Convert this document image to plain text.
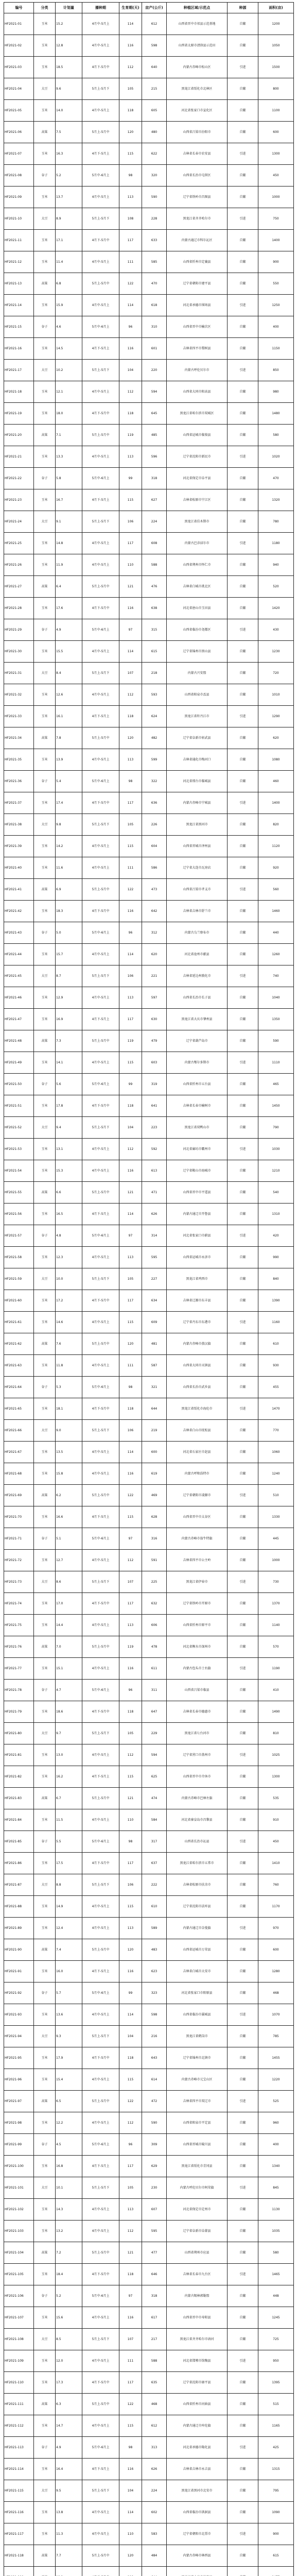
编号	分类	计划量	播种期	生育期(天)	亩产(公斤)	种植区域/示范点	种源	面积(亩)
HF2021-01	玉米	15.2	4月中-5月上	114	612	山西省晋中市祁县示范基地	自繁	1200
HF2021-02	玉米	12.8	4月中-5月上	116	598	山西省太原市清徐县示范田	自繁	1050
HF2021-03	玉米	18.5	4月下-5月中	112	640	内蒙古赤峰市松山区	引进	1500
HF2021-04	大豆	9.6	5月上-5月下	105	215	黑龙江省绥化市北林区	自繁	800
HF2021-05	玉米	14.0	4月中-5月上	118	605	河北省张家口市宣化区	自繁	1100
HF2021-06	高粱	7.5	5月上-5月中	120	480	山西省吕梁市汾阳市	自繁	600
HF2021-07	玉米	16.3	4月下-5月上	115	622	吉林省长春市农安县	引进	1300
HF2021-08	谷子	5.2	5月中-6月上	98	320	山西省长治市屯留区	自繁	450
HF2021-09	玉米	13.7	4月中-5月上	113	590	辽宁省铁岭市昌图县	自繁	1000
HF2021-10	大豆	8.9	5月上-5月下	108	228	黑龙江省齐齐哈尔市	引进	750
HF2021-11	玉米	17.1	4月下-5月中	117	633	内蒙古通辽市科尔沁区	自繁	1400
HF2021-12	玉米	11.4	4月中-5月上	111	585	山西省忻州市定襄县	自繁	900
HF2021-13	高粱	6.8	5月上-5月中	122	470	辽宁省朝阳市建平县	自繁	550
HF2021-14	玉米	15.9	4月中-5月上	114	618	河北省承德市围场县	引进	1250
HF2021-15	谷子	4.6	5月中-6月上	96	310	山西省晋中市榆次区	自繁	400
HF2021-16	玉米	14.5	4月下-5月上	116	601	吉林省四平市梨树县	自繁	1150
HF2021-17	大豆	10.2	5月上-5月下	104	220	内蒙古呼伦贝尔市	引进	850
HF2021-18	玉米	12.1	4月中-5月上	112	594	山西省大同市阳高县	自繁	980
HF2021-19	玉米	18.0	4月下-5月中	118	645	黑龙江省哈尔滨市双城区	自繁	1480
HF2021-20	高粱	7.1	5月上-5月中	119	485	山西省运城市临猗县	自繁	580
HF2021-21	玉米	13.3	4月中-5月上	113	596	辽宁省沈阳市新民市	引进	1020
HF2021-22	谷子	5.8	5月中-6月上	99	318	河北省保定市阜平县	自繁	470
HF2021-23	玉米	16.7	4月下-5月上	115	627	吉林省松原市宁江区	自繁	1320
HF2021-24	大豆	9.1	5月上-5月下	106	224	黑龙江省佳木斯市	自繁	780
HF2021-25	玉米	14.8	4月中-5月上	117	608	内蒙古巴彦淖尔市	引进	1180
HF2021-26	玉米	11.9	4月中-5月上	110	588	山西省朔州市怀仁市	自繁	940
HF2021-27	高粱	6.4	5月上-5月中	121	476	吉林省白城市洮北区	自繁	520
HF2021-28	玉米	17.6	4月下-5月中	116	638	河北省唐山市玉田县	自繁	1420
HF2021-29	谷子	4.9	5月中-6月上	97	315	山西省临汾市尧都区	引进	430
HF2021-30	玉米	15.5	4月中-5月上	114	615	辽宁省锦州市黑山县	自繁	1230
HF2021-31	大豆	8.4	5月上-5月下	107	218	内蒙古兴安盟	自繁	720
HF2021-32	玉米	12.6	4月中-5月上	112	593	山西省阳泉市盂县	自繁	1010
HF2021-33	玉米	16.1	4月下-5月上	118	624	黑龙江省牡丹江市	引进	1290
HF2021-34	高粱	7.8	5月上-5月中	120	482	辽宁省阜新市彰武县	自繁	620
HF2021-35	玉米	13.9	4月中-5月上	113	599	吉林省通化市梅河口	自繁	1080
HF2021-36	谷子	5.4	5月中-6月上	98	322	河北省邢台市临城县	自繁	460
HF2021-37	玉米	17.4	4月下-5月中	117	636	内蒙古赤峰市宁城县	引进	1400
HF2021-38	大豆	9.8	5月上-5月下	105	226	黑龙江省黑河市	自繁	820
HF2021-39	玉米	14.2	4月中-5月上	115	604	山西省晋城市泽州县	自繁	1120
HF2021-40	玉米	11.6	4月中-5月上	111	586	辽宁省大连市瓦房店	自繁	920
HF2021-41	高粱	6.9	5月上-5月中	122	473	山西省吕梁市孝义市	引进	560
HF2021-42	玉米	18.3	4月下-5月中	116	642	吉林省吉林市舒兰市	自繁	1460
HF2021-43	谷子	5.0	5月中-6月上	96	312	内蒙古乌兰察布市	自繁	440
HF2021-44	玉米	15.7	4月中-5月上	114	620	河北省沧州市献县	自繁	1260
HF2021-45	大豆	8.7	5月上-5月下	106	221	吉林省延边州敦化市	引进	740
HF2021-46	玉米	12.9	4月中-5月上	113	597	山西省长治市长子县	自繁	1040
HF2021-47	玉米	16.9	4月下-5月上	117	630	黑龙江省大庆市肇州县	自繁	1350
HF2021-48	高粱	7.3	5月上-5月中	119	479	辽宁省葫芦岛市	自繁	590
HF2021-49	玉米	14.1	4月中-5月上	115	603	内蒙古鄂尔多斯市	引进	1110
HF2021-50	谷子	5.6	5月中-6月上	99	319	山西省忻州市五台县	自繁	465
HF2021-51	玉米	17.8	4月下-5月中	118	641	吉林省长春市榆树市	自繁	1450
HF2021-52	大豆	9.4	5月上-5月下	104	223	黑龙江省双鸭山市	自繁	790
HF2021-53	玉米	13.1	4月中-5月上	112	592	河北省廊坊市霸州市	引进	1030
HF2021-54	玉米	15.3	4月中-5月上	116	613	辽宁省鞍山市海城市	自繁	1210
HF2021-55	高粱	6.6	5月上-5月中	121	471	山西省晋中市平遥县	自繁	540
HF2021-56	玉米	16.5	4月下-5月上	114	626	内蒙古通辽市开鲁县	自繁	1310
HF2021-57	谷子	4.8	5月中-6月上	97	314	河北省张家口市蔚县	引进	420
HF2021-58	玉米	12.3	4月中-5月上	113	595	山西省运城市永济市	自繁	990
HF2021-59	大豆	10.0	5月上-5月下	105	227	黑龙江省鸡西市	自繁	840
HF2021-60	玉米	17.2	4月下-5月中	117	634	吉林省辽源市东丰县	自繁	1390
HF2021-61	玉米	14.6	4月中-5月上	115	609	辽宁省丹东市东港市	引进	1160
HF2021-62	高粱	7.6	5月上-5月中	120	481	内蒙古赤峰市敖汉旗	自繁	610
HF2021-63	玉米	11.8	4月中-5月上	111	587	山西省大同市天镇县	自繁	930
HF2021-64	谷子	5.3	5月中-6月上	98	321	山西省长治市武乡县	自繁	455
HF2021-65	玉米	18.1	4月下-5月中	118	644	黑龙江省绥化市海伦市	引进	1470
HF2021-66	大豆	9.0	5月上-5月下	106	219	吉林省白山市抚松县	自繁	770
HF2021-67	玉米	13.5	4月中-5月上	114	600	河北省石家庄市赵县	自繁	1060
HF2021-68	玉米	15.8	4月中-5月上	116	619	内蒙古呼和浩特市	自繁	1240
HF2021-69	高粱	6.2	5月上-5月中	122	469	辽宁省朝阳市凌源市	引进	510
HF2021-70	玉米	16.6	4月下-5月上	115	628	山西省晋中市太谷区	自繁	1330
HF2021-71	谷子	5.1	5月中-6月上	97	316	内蒙古赤峰市翁牛特旗	自繁	445
HF2021-72	玉米	12.7	4月中-5月上	112	591	吉林省四平市公主岭	自繁	1000
HF2021-73	大豆	8.6	5月上-5月下	107	225	黑龙江省伊春市	引进	730
HF2021-74	玉米	17.0	4月下-5月中	117	632	辽宁省铁岭市开原市	自繁	1370
HF2021-75	玉米	14.4	4月中-5月上	113	606	山西省忻州市原平市	自繁	1140
HF2021-76	高粱	7.0	5月上-5月中	119	478	河北省衡水市深州市	自繁	570
HF2021-77	玉米	15.1	4月中-5月上	116	611	内蒙古包头市土右旗	引进	1190
HF2021-78	谷子	4.7	5月中-6月上	96	311	山西省吕梁市临县	自繁	410
HF2021-79	玉米	18.6	4月下-5月中	118	647	吉林省长春市德惠市	自繁	1490
HF2021-80	大豆	9.7	5月上-5月下	105	229	黑龙江省七台河市	自繁	810
HF2021-81	玉米	13.0	4月中-5月上	112	594	辽宁省营口市盖州市	引进	1025
HF2021-82	玉米	16.2	4月下-5月上	115	625	山西省晋中市介休市	自繁	1300
HF2021-83	高粱	6.7	5月上-5月中	121	474	内蒙古赤峰市巴林左旗	自繁	535
HF2021-84	玉米	11.5	4月中-5月上	110	584	河北省秦皇岛市昌黎县	自繁	910
HF2021-85	谷子	5.5	5月中-6月上	98	317	山西省长治市沁县	引进	450
HF2021-86	玉米	17.5	4月下-5月中	117	637	黑龙江省哈尔滨市五常市	自繁	1410
HF2021-87	大豆	8.8	5月上-5月下	106	222	吉林省松原市扶余市	自繁	760
HF2021-88	玉米	14.9	4月中-5月上	115	610	辽宁省沈阳市法库县	自繁	1170
HF2021-89	玉米	12.4	4月中-5月上	113	589	内蒙古通辽市奈曼旗	引进	970
HF2021-90	高粱	7.4	5月上-5月中	120	483	山西省运城市万荣县	自繁	600
HF2021-91	玉米	16.0	4月下-5月上	116	623	吉林省白城市大安市	自繁	1280
HF2021-92	谷子	5.7	5月中-6月上	99	323	河北省张家口市阳原县	自繁	468
HF2021-93	玉米	13.6	4月中-5月上	114	598	山西省临汾市翼城县	引进	1070
HF2021-94	大豆	9.3	5月上-5月下	104	216	黑龙江省鹤岗市	自繁	785
HF2021-95	玉米	17.9	4月下-5月中	118	643	辽宁省锦州市北镇市	自繁	1455
HF2021-96	玉米	15.4	4月中-5月上	115	614	内蒙古赤峰市元宝山区	自繁	1220
HF2021-97	高粱	6.5	5月上-5月中	122	472	吉林省四平市双辽市	引进	525
HF2021-98	玉米	12.2	4月中-5月上	112	590	山西省阳泉市平定县	自繁	960
HF2021-99	谷子	4.5	5月中-6月上	96	309	山西省晋城市陵川县	自繁	400
HF2021-100	玉米	16.8	4月下-5月上	117	629	黑龙江省绥化市青冈县	自繁	1340
HF2021-101	大豆	10.1	5月上-5月下	105	230	内蒙古呼伦贝尔市阿荣旗	引进	845
HF2021-102	玉米	14.3	4月中-5月上	113	607	河北省保定市定州市	自繁	1130
HF2021-103	玉米	13.2	4月中-5月上	112	595	辽宁省阜新市阜蒙县	自繁	1035
HF2021-104	高粱	7.2	5月上-5月中	121	477	山西省朔州市应县	自繁	580
HF2021-105	玉米	18.4	4月下-5月中	118	646	吉林省长春市九台区	引进	1465
HF2021-106	谷子	5.2	5月中-6月上	97	318	内蒙古锡林郭勒盟	自繁	448
HF2021-107	玉米	15.6	4月中-5月上	116	617	山西省晋中市寿阳县	自繁	1245
HF2021-108	大豆	8.5	5月上-5月下	107	217	黑龙江省齐齐哈尔市讷河	自繁	725
HF2021-109	玉米	12.0	4月中-5月上	111	588	河北省邯郸市馆陶县	引进	950
HF2021-110	玉米	17.3	4月下-5月中	117	635	辽宁省沈阳市康平县	自繁	1395
HF2021-111	高粱	6.3	5月上-5月中	122	468	山西省忻州市河曲县	自繁	515
HF2021-112	玉米	14.7	4月中-5月上	115	612	内蒙古通辽市库伦旗	自繁	1165
HF2021-113	谷子	4.9	5月中-6月上	98	313	河北省承德市隆化县	引进	425
HF2021-114	玉米	16.4	4月下-5月上	116	626	吉林省吉林市永吉县	自繁	1315
HF2021-115	大豆	9.5	5月上-5月下	104	224	黑龙江省黑河市北安市	自繁	795
HF2021-116	玉米	13.8	4月中-5月上	114	602	山西省临汾市洪洞县	自繁	1090
HF2021-117	玉米	11.3	4月中-5月上	110	583	辽宁省朝阳市北票市	引进	900
HF2021-118	高粱	7.7	5月上-5月中	120	484	内蒙古赤峰市林西县	自繁	615
